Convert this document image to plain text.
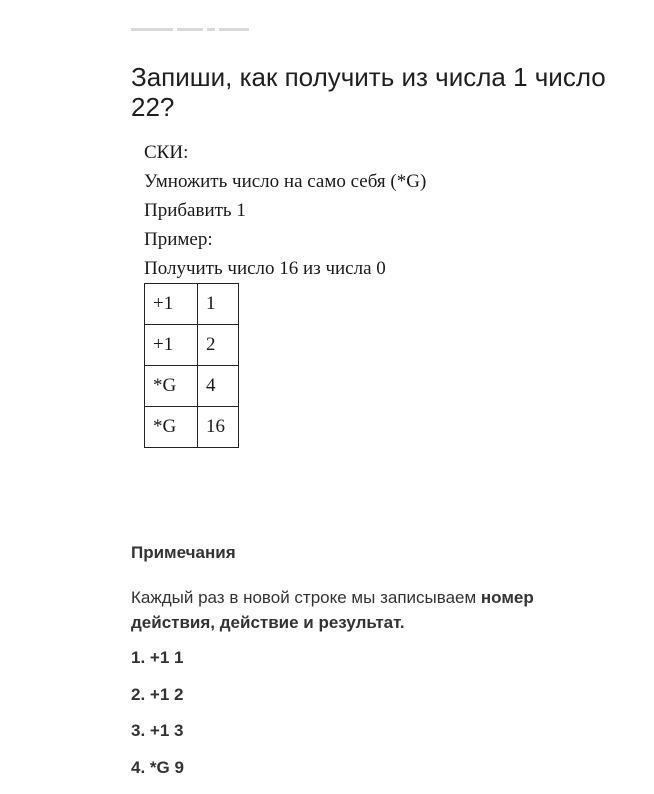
Запиши, как получить из числа 1 число 22?
СКИ:
Умножить число на само себя (*G)
Прибавить 1
Пример:
Получить число 16 из числа 0
+1	1
+1	2
*G	4
*G	16
Примечания

Каждый раз в новой строке мы записываем номер действия, действие и результат.

1. +1 1
2. +1 2
3. +1 3
4. *G 9
